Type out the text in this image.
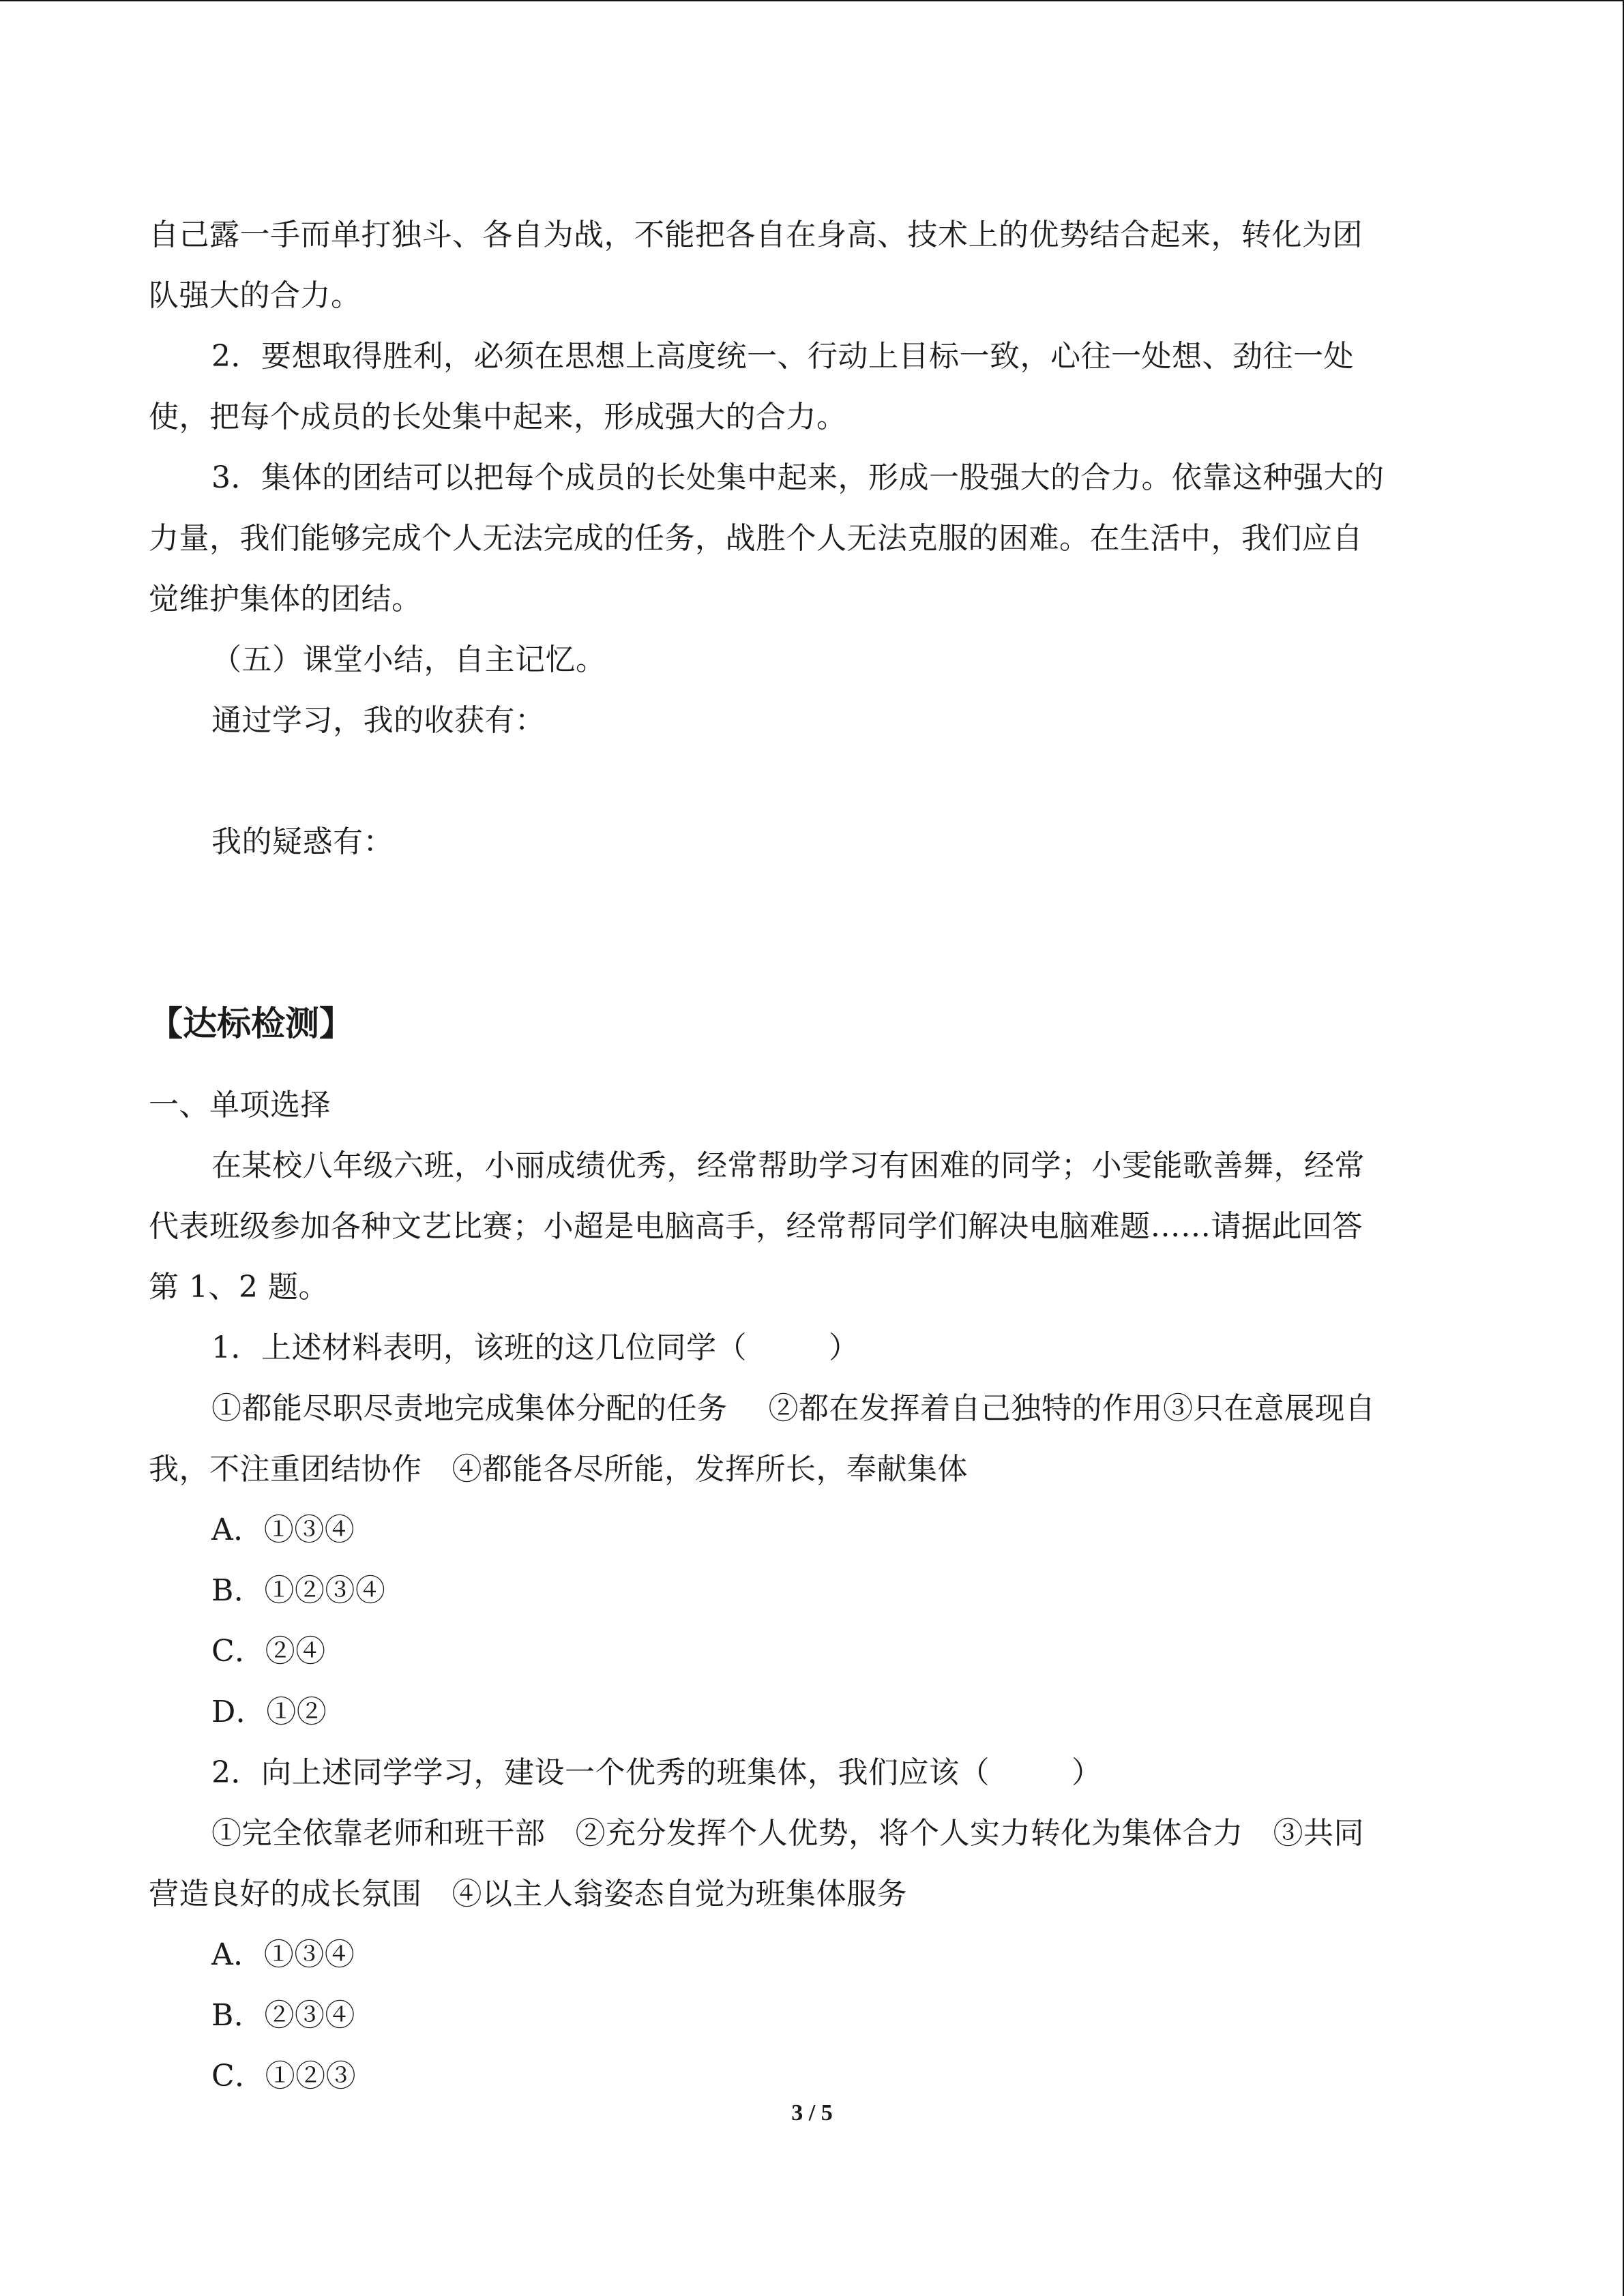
自己露一手而单打独斗、各自为战，不能把各自在身高、技术上的优势结合起来，转化为团
队强大的合力。
2．要想取得胜利，必须在思想上高度统一、行动上目标一致，心往一处想、劲往一处
使，把每个成员的长处集中起来，形成强大的合力。
3．集体的团结可以把每个成员的长处集中起来，形成一股强大的合力。依靠这种强大的
力量，我们能够完成个人无法完成的任务，战胜个人无法克服的困难。在生活中，我们应自
觉维护集体的团结。
（五）课堂小结，自主记忆。
通过学习，我的收获有：
我的疑惑有：
【达标检测】
一、单项选择
在某校八年级六班，小丽成绩优秀，经常帮助学习有困难的同学；小雯能歌善舞，经常
代表班级参加各种文艺比赛；小超是电脑高手，经常帮同学们解决电脑难题……请据此回答
第 1、2 题。
1．上述材料表明，该班的这几位同学（	）
①都能尽职尽责地完成集体分配的任务 ②都在发挥着自己独特的作用③只在意展现自
我，不注重团结协作 ④都能各尽所能，发挥所长，奉献集体
A．①③④
B．①②③④
C．②④
D．①②
2．向上述同学学习，建设一个优秀的班集体，我们应该（	）
①完全依靠老师和班干部 ②充分发挥个人优势，将个人实力转化为集体合力 ③共同
营造良好的成长氛围 ④以主人翁姿态自觉为班集体服务
A．①③④
B．②③④
C．①②③
3 / 5
